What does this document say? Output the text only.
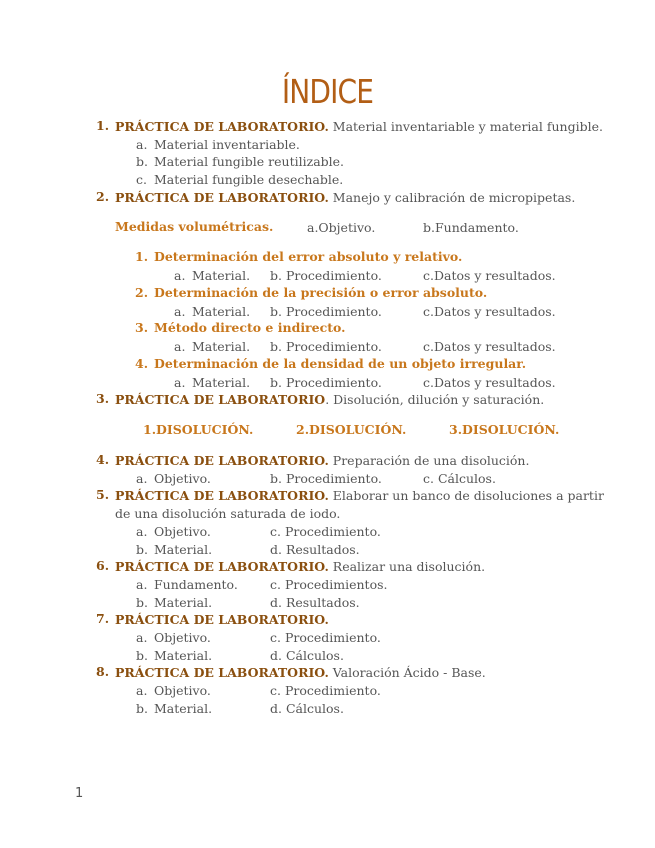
ÍNDICE
1. PRÁCTICA DE LABORATORIO. Material inventariable y material fungible.
a. Material inventariable.
b. Material fungible reutilizable.
c. Material fungible desechable.
2. PRÁCTICA DE LABORATORIO. Manejo y calibración de micropipetas.
Medidas volumétricas.	a.Objetivo.	b.Fundamento.
1. Determinación del error absoluto y relativo.
a. Material. b. Procedimiento.	c.Datos y resultados.
2. Determinación de la precisión o error absoluto.
a. Material. b. Procedimiento.	c.Datos y resultados.
3. Método directo e indirecto.
a. Material. b. Procedimiento.	c.Datos y resultados.
4. Determinación de la densidad de un objeto irregular.
a. Material. b. Procedimiento.	c.Datos y resultados.
3. PRÁCTICA DE LABORATORIO. Disolución, dilución y saturación.
1.DISOLUCIÓN.	2.DISOLUCIÓN.	3.DISOLUCIÓN.
4. PRÁCTICA DE LABORATORIO. Preparación de una disolución.
a. Objetivo.	b. Procedimiento.	c. Cálculos.
5. PRÁCTICA DE LABORATORIO. Elaborar un banco de disoluciones a partir
de una disolución saturada de iodo.
a. Objetivo.	c. Procedimiento.
b. Material.	d. Resultados.
6. PRÁCTICA DE LABORATORIO. Realizar una disolución.
a. Fundamento.	c. Procedimientos.
b. Material.	d. Resultados.
7. PRÁCTICA DE LABORATORIO.
a. Objetivo.	c. Procedimiento.
b. Material.	d. Cálculos.
8. PRÁCTICA DE LABORATORIO. Valoración Ácido - Base.
a. Objetivo.	c. Procedimiento.
b. Material.	d. Cálculos.
1
